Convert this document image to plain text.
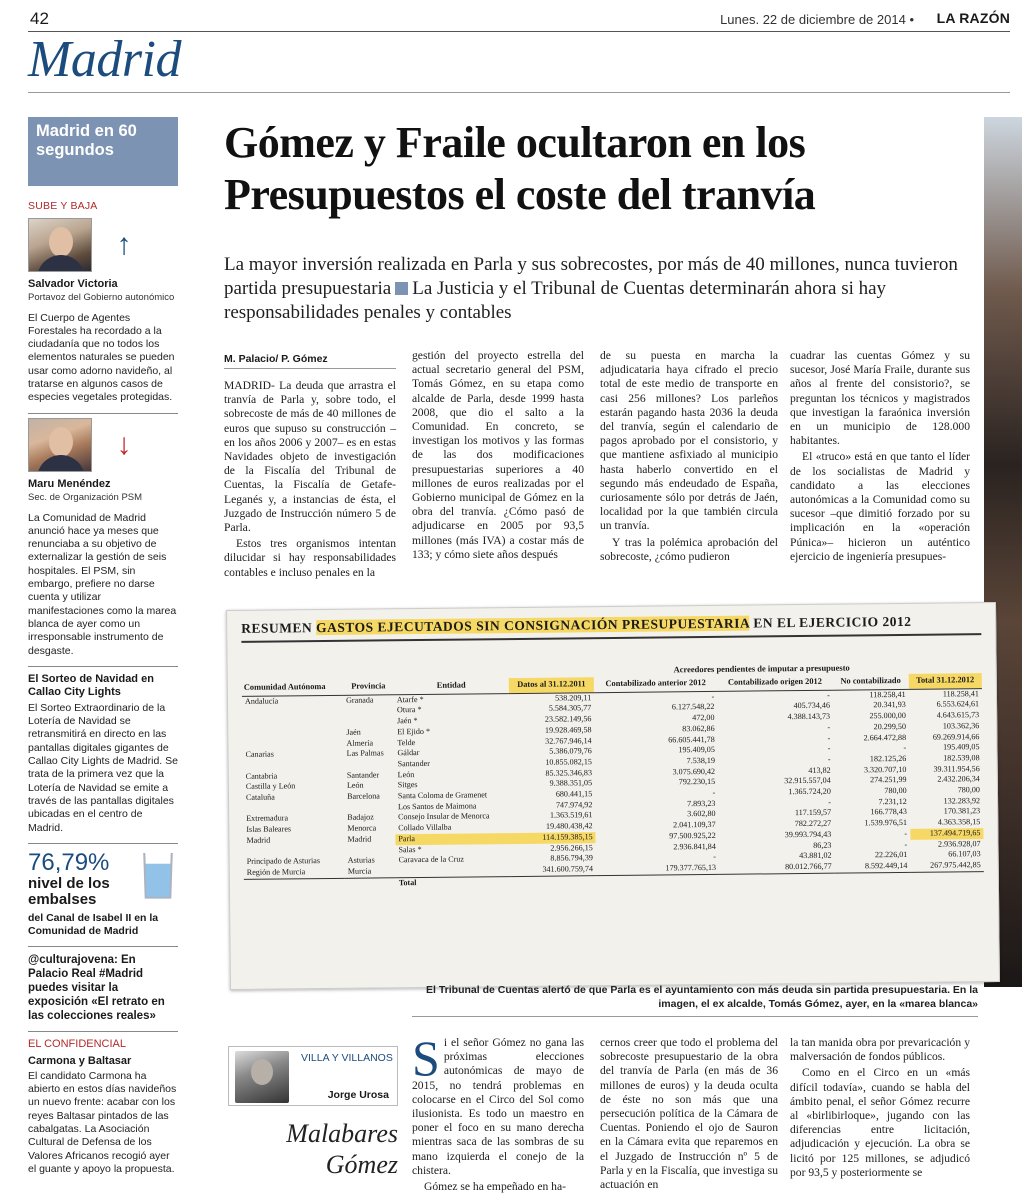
42	Lunes. 22 de diciembre de 2014 • LA RAZÓN
Madrid
Madrid en 60 segundos
SUBE Y BAJA
↑
Salvador Victoria
Portavoz del Gobierno autonómico
El Cuerpo de Agentes Forestales ha recordado a la ciudadanía que no todos los elementos naturales se pueden usar como adorno navideño, al tratarse en algunos casos de especies vegetales protegidas.
↓
Maru Menéndez
Sec. de Organización PSM
La Comunidad de Madrid anunció hace ya meses que renunciaba a su objetivo de externalizar la gestión de seis hospitales. El PSM, sin embargo, prefiere no darse cuenta y utilizar manifestaciones como la marea blanca de ayer como un irresponsable instrumento de desgaste.
El Sorteo de Navidad en Callao City Lights
El Sorteo Extraordinario de la Lotería de Navidad se retransmitirá en directo en las pantallas digitales gigantes de Callao City Lights de Madrid. Se trata de la primera vez que la Lotería de Navidad se emite a través de las pantallas digitales ubicadas en el centro de Madrid.
76,79%
nivel de los embalses
del Canal de Isabel II en la Comunidad de Madrid
@culturajovena: En Palacio Real #Madrid puedes visitar la exposición «El retrato en las colecciones reales»
EL CONFIDENCIAL
Carmona y Baltasar
El candidato Carmona ha abierto en estos días navideños un nuevo frente: acabar con los reyes Baltasar pintados de las cabalgatas. La Asociación Cultural de Defensa de los Valores Africanos recogió ayer el guante y apoyo la propuesta.
Gómez y Fraile ocultaron en los Presupuestos el coste del tranvía
La mayor inversión realizada en Parla y sus sobrecostes, por más de 40 millones, nunca tuvieron partida presupuestaria La Justicia y el Tribunal de Cuentas determinarán ahora si hay responsabilidades penales y contables
M. Palacio/ P. Gómez

MADRID- La deuda que arrastra el tranvía de Parla y, sobre todo, el sobrecoste de más de 40 millones de euros que supuso su construcción –en los años 2006 y 2007– es en estas Navidades objeto de investigación de la Fiscalía del Tribunal de Cuentas, la Fiscalía de Getafe-Leganés y, a instancias de ésta, el Juzgado de Instrucción número 5 de Parla.

Estos tres organismos intentan dilucidar si hay responsabilidades contables e incluso penales en la

gestión del proyecto estrella del actual secretario general del PSM, Tomás Gómez, en su etapa como alcalde de Parla, desde 1999 hasta 2008, que dio el salto a la Comunidad. En concreto, se investigan los motivos y las formas de las dos modificaciones presupuestarias superiores a 40 millones de euros realizadas por el Gobierno municipal de Gómez en la obra del tranvía. ¿Cómo pasó de adjudicarse en 2005 por 93,5 millones (más IVA) a costar más de 133; y cómo siete años después

de su puesta en marcha la adjudicataria haya cifrado el precio total de este medio de transporte en casi 256 millones? Los parleños estarán pagando hasta 2036 la deuda del tranvía, según el calendario de pagos aprobado por el consistorio, y que mantiene asfixiado al municipio hasta haberlo convertido en el segundo más endeudado de España, curiosamente sólo por detrás de Jaén, localidad por la que también circula un tranvía.

Y tras la polémica aprobación del sobrecoste, ¿cómo pudieron

cuadrar las cuentas Gómez y su sucesor, José María Fraile, durante sus años al frente del consistorio?, se preguntan los técnicos y magistrados que investigan la faraónica inversión en un municipio de 128.000 habitantes.

El «truco» está en que tanto el líder de los socialistas de Madrid y candidato a las elecciones autonómicas a la Comunidad como su sucesor –que dimitió forzado por su implicación en la «operación Púnica»– hicieron un auténtico ejercicio de ingeniería presupues-

RESUMEN GASTOS EJECUTADOS SIN CONSIGNACIÓN PRESUPUESTARIA EN EL EJERCICIO 2012
Acreedores pendientes de imputar a presupuesto
Comunidad Autónoma	Provincia	Entidad	Datos al 31.12.2011	Contabilizado anterior 2012	Contabilizado origen 2012	No contabilizado	Total 31.12.2012
Andalucía	Granada	Atarfe *	538.209,11	-	-	118.258,41	118.258,41
		Otura *	5.584.305,77	6.127.548,22	405.734,46	20.341,93	6.553.624,61
		Jaén *	23.582.149,56	472,00	4.388.143,73	255.000,00	4.643.615,73
	Jaén	El Ejido *	19.928.469,58	83.062,86	-	20.299,50	103.362,36
	Almería	Telde	32.767.946,14	66.605.441,78	-	2.664.472,88	69.269.914,66
Canarias	Las Palmas	Gáldar	5.386.079,76	195.409,05	-	-	195.409,05
		Santander	10.855.082,15	7.538,19	-	182.125,26	182.539,08
Cantabria	Santander	León	85.325.346,83	3.075.690,42	413,82	3.320.707,10	39.311.954,56
Castilla y León	León	Sitges	9.388.351,05	792.230,15	32.915.557,04	274.251,99	2.432.206,34
Cataluña	Barcelona	Santa Coloma de Gramenet	680.441,15	-	1.365.724,20	780,00	780,00
		Los Santos de Maimona	747.974,92	7.893,23	-	7.231,12	132.283,92
Extremadura	Badajoz	Consejo Insular de Menorca	1.363.519,61	3.602,80	117.159,57	166.778,43	170.381,23
Islas Baleares	Menorca	Collado Villalba	19.480.438,42	2.041.109,37	782.272,27	1.539.976,51	4.363.358,15
Madrid	Madrid	Parla	114.159.385,15	97.500.925,22	39.993.794,43	-	137.494.719,65
		Salas *	2.956.266,15	2.936.841,84	86,23	-	2.936.928,07
Principado de Asturias	Asturias	Caravaca de la Cruz	8.856.794,39	-	43.881,02	22.226,01	66.107,03
Región de Murcia	Murcia		341.600.759,74	179.377.765,13	80.012.766,77	8.592.449,14	267.975.442,85
		Total					
El Tribunal de Cuentas alertó de que Parla es el ayuntamiento con más deuda sin partida presupuestaria. En la imagen, el ex alcalde, Tomás Gómez, ayer, en la «marea blanca»
VILLA Y VILLANOS
Jorge Urosa
Malabares Gómez

Si el señor Gómez no gana las próximas elecciones autonómicas de mayo de 2015, no tendrá problemas en colocarse en el Circo del Sol como ilusionista. Es todo un maestro en poner el foco en su mano derecha mientras saca de las sombras de su mano izquierda el conejo de la chistera.

Gómez se ha empeñado en ha-

cernos creer que todo el problema del sobrecoste presupuestario de la obra del tranvía de Parla (en más de 36 millones de euros) y la deuda oculta de éste no son más que una persecución política de la Cámara de Cuentas. Poniendo el ojo de Sauron en la Cámara evita que reparemos en el Juzgado de Instrucción nº 5 de Parla y en la Fiscalía, que investiga su actuación en

la tan manida obra por prevaricación y malversación de fondos públicos.

Como en el Circo en un «más difícil todavía», cuando se habla del ámbito penal, el señor Gómez recurre al «birlibirloque», jugando con las diferencias entre licitación, adjudicación y ejecución. La obra se licitó por 125 millones, se adjudicó por 93,5 y posteriormente se
